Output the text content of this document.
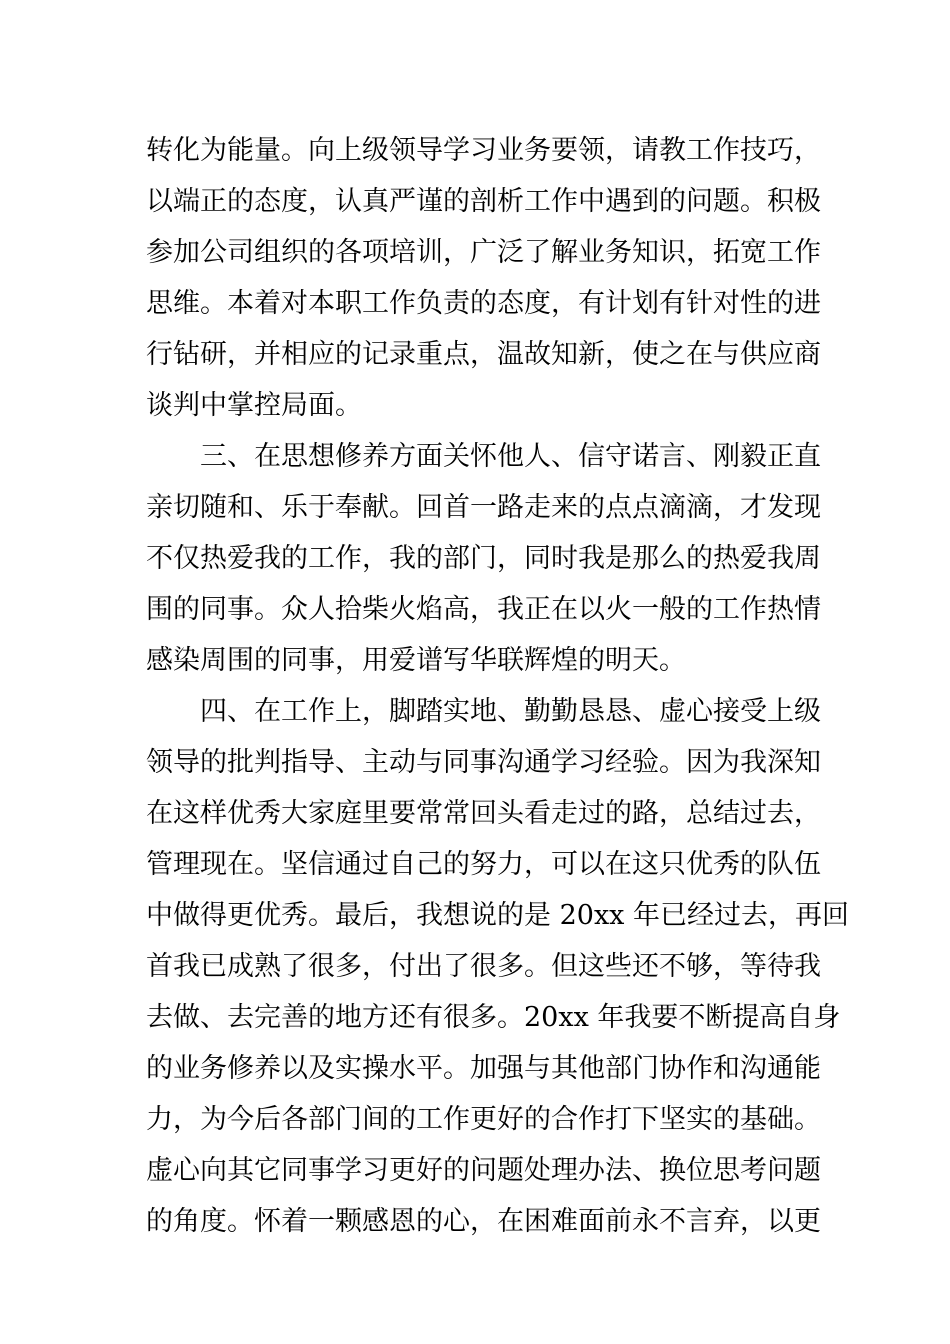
转化为能量。向上级领导学习业务要领，请教工作技巧，
以端正的态度，认真严谨的剖析工作中遇到的问题。积极
参加公司组织的各项培训，广泛了解业务知识，拓宽工作
思维。本着对本职工作负责的态度，有计划有针对性的进
行钻研，并相应的记录重点，温故知新，使之在与供应商
谈判中掌控局面。
三、在思想修养方面关怀他人、信守诺言、刚毅正直
亲切随和、乐于奉献。回首一路走来的点点滴滴，才发现
不仅热爱我的工作，我的部门，同时我是那么的热爱我周
围的同事。众人拾柴火焰高，我正在以火一般的工作热情
感染周围的同事，用爱谱写华联辉煌的明天。
四、在工作上，脚踏实地、勤勤恳恳、虚心接受上级
领导的批判指导、主动与同事沟通学习经验。因为我深知
在这样优秀大家庭里要常常回头看走过的路，总结过去，
管理现在。坚信通过自己的努力，可以在这只优秀的队伍
中做得更优秀。最后，我想说的是 20xx 年已经过去，再回
首我已成熟了很多，付出了很多。但这些还不够，等待我
去做、去完善的地方还有很多。20xx 年我要不断提高自身
的业务修养以及实操水平。加强与其他部门协作和沟通能
力，为今后各部门间的工作更好的合作打下坚实的基础。
虚心向其它同事学习更好的问题处理办法、换位思考问题
的角度。怀着一颗感恩的心，在困难面前永不言弃，以更
